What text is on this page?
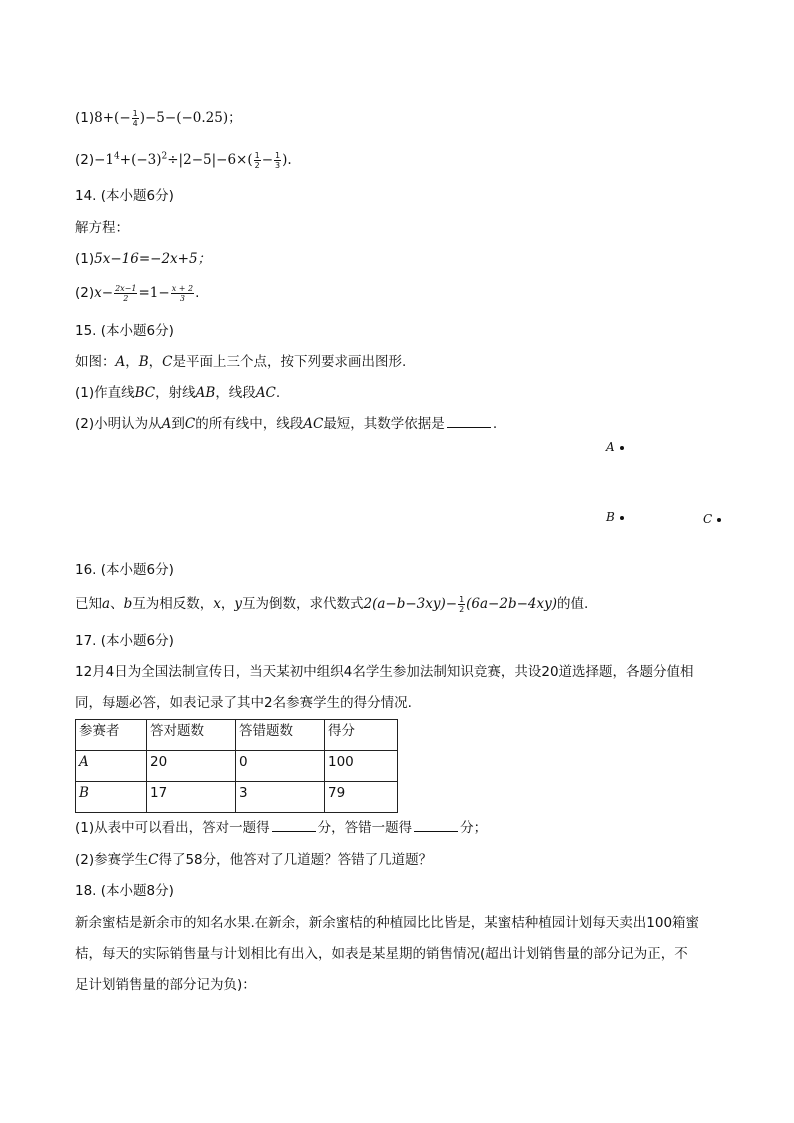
$(1)8+(- \frac{1}{4} )-5-(-0.25)$；
$(2)-1^4+(-3)^2\div|2-5|-6\times( \frac{1}{2} - \frac{1}{3}$ ).
14. (本小题6分)
解方程：
(1)5x−16=−2x+5；
$(2)x- \frac{2x-1}{2} =1- \frac{x + 2}{3}$ .
15. (本小题6分)
如图：A，B，C是平面上三个点，按下列要求画出图形.
(1)作直线BC，射线AB，线段AC.
(2)小明认为从A到C的所有线中，线段AC最短，其数学依据是	.
A
B	C
16. (本小题6分)
已知a、b互为相反数，x，y互为倒数，求代数式$2(a-b-3xy)- \frac{1}{2} (6a-2b-4xy)$的值.
17. (本小题6分)
12月4日为全国法制宣传日，当天某初中组织4名学生参加法制知识竞赛，共设20道选择题，各题分值相
同，每题必答，如表记录了其中2名参赛学生的得分情况.
参赛者	答对题数	答错题数	得分
A	20	0	100
B	17	3	79
(1)从表中可以看出，答对一题得	分，答错一题得	分；
(2)参赛学生C得了58分，他答对了几道题？答错了几道题？
18. (本小题8分)
新余蜜桔是新余市的知名水果.在新余，新余蜜桔的种植园比比皆是，某蜜桔种植园计划每天卖出100箱蜜
桔，每天的实际销售量与计划相比有出入，如表是某星期的销售情况(超出计划销售量的部分记为正，不
足计划销售量的部分记为负)：
